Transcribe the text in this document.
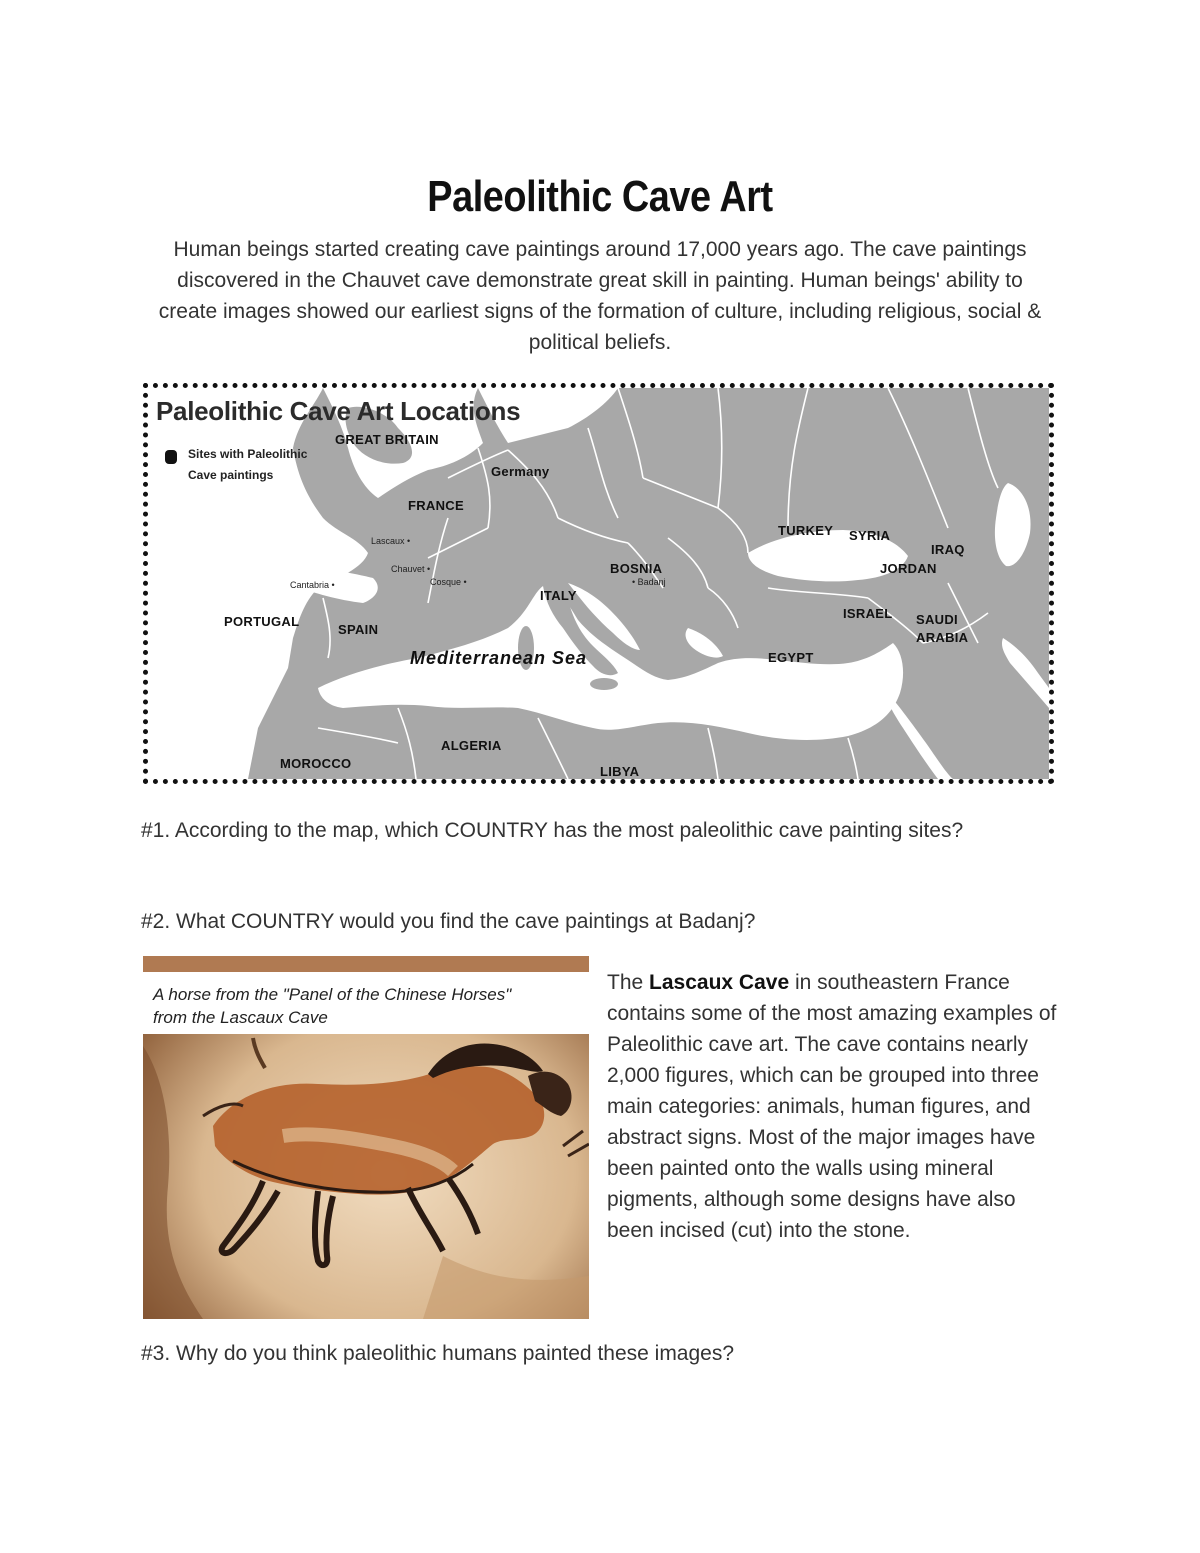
Paleolithic Cave Art
Human beings started creating cave paintings around 17,000 years ago. The cave paintings discovered in the Chauvet cave demonstrate great skill in painting. Human beings' ability to create images showed our earliest signs of the formation of culture, including religious, social & political beliefs.
Paleolithic Cave Art Locations
Sites with Paleolithic
Cave paintings
GREAT BRITAIN
Germany
FRANCE
Lascaux •
Chauvet •
Cosque •
Cantabria •
PORTUGAL
SPAIN
Mediterranean Sea
ITALY
BOSNIA
• Badanj
TURKEY SYRIA
IRAQ
JORDAN
ISRAEL SAUDI
ARABIA
EGYPT
ALGERIA
MOROCCO
LIBYA
#1. According to the map, which COUNTRY has the most paleolithic cave painting sites?
#2. What COUNTRY would you find the cave paintings at Badanj?
A horse from the "Panel of the Chinese Horses"
from the Lascaux Cave
The Lascaux Cave in southeastern France contains some of the most amazing examples of Paleolithic cave art. The cave contains nearly 2,000 figures, which can be grouped into three main categories: animals, human figures, and abstract signs. Most of the major images have been painted onto the walls using mineral pigments, although some designs have also been incised (cut) into the stone.
#3. Why do you think paleolithic humans painted these images?
